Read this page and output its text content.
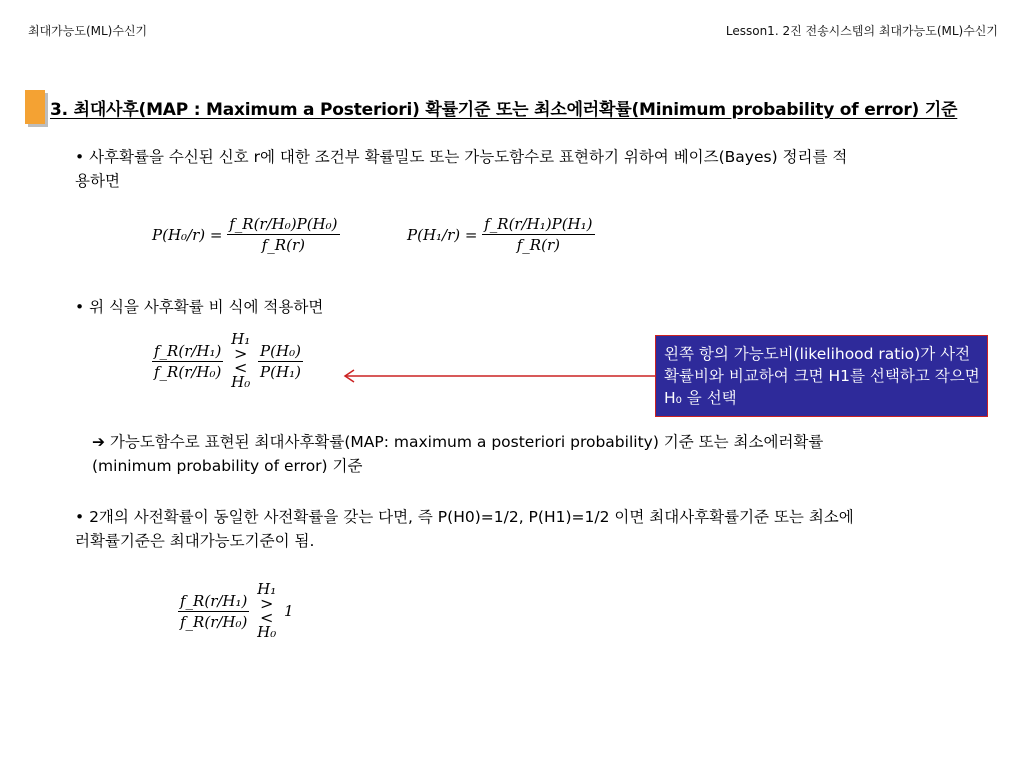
최대가능도(ML)수신기	Lesson1. 2진 전송시스템의 최대가능도(ML)수신기
3. 최대사후(MAP : Maximum a Posteriori) 확률기준 또는 최소에러확률(Minimum probability of error) 기준
• 사후확률을 수신된 신호 r에 대한 조건부 확률밀도 또는 가능도함수로 표현하기 위하여 베이즈(Bayes) 정리를 적용하면
$P(H_0/r) = \frac{\text{f\_R(r/H₀)P(H₀)}}{f\_R(r)}$	$P(H_1/r) = \frac{\text{f\_R(r/H₁)P(H₁)}}{f\_R(r)}$
• 위 식을 사후확률 비 식에 적용하면
$\frac{\text{f\_R(r/H₁)}}{\text{f\_R(r/H₀)}}$

H₁
>
<
H₀

$\frac{\text{P(H₀)}}{\text{P(H₁)}}$	왼쪽 항의 가능도비(likelihood ratio)가 사전확률비와 비교하여 크면 H1를 선택하고 작으면 H₀ 을 선택
➔ 가능도함수로 표현된 최대사후확률(MAP: maximum a posteriori probability) 기준 또는 최소에러확률(minimum probability of error) 기준
• 2개의 사전확률이 동일한 사전확률을 갖는 다면, 즉 P(H0)=1/2, P(H1)=1/2 이면 최대사후확률기준 또는 최소에러확률기준은 최대가능도기준이 됨.
$\frac{\text{f\_R(r/H₁)}}{\text{f\_R(r/H₀)}}$

H₁
>
<
H₀
1
